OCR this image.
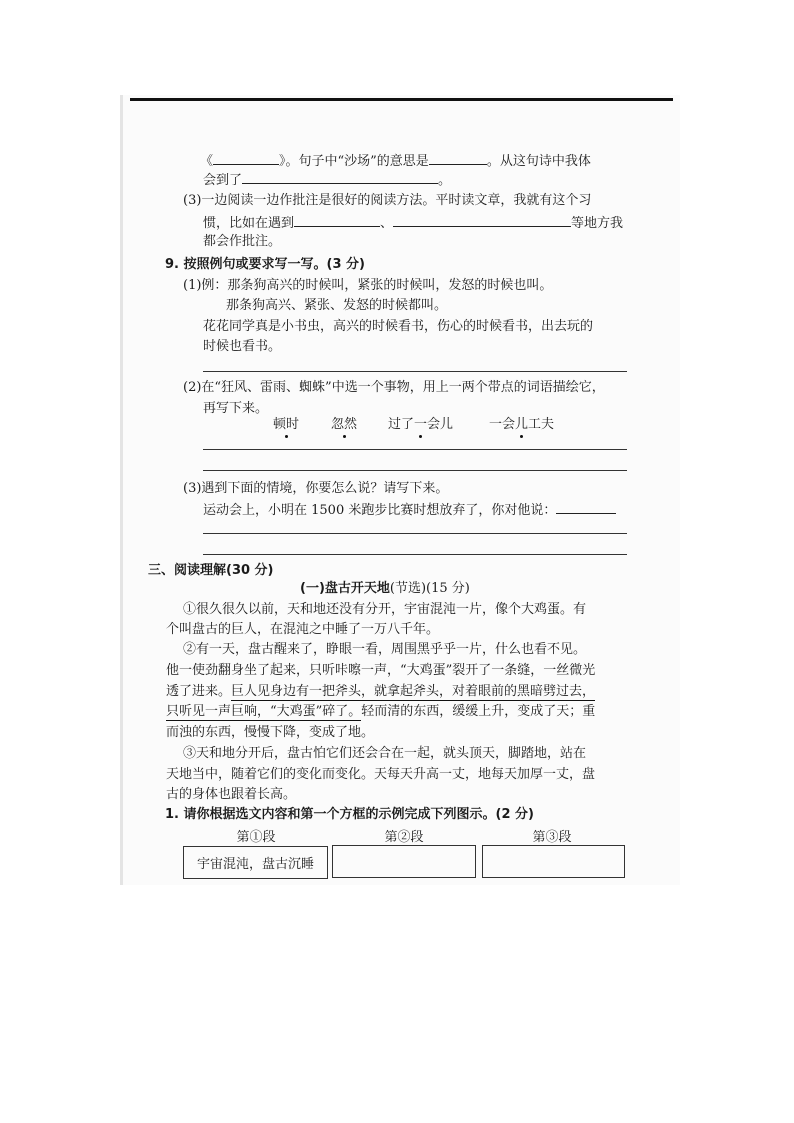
《	》。句子中“沙场”的意思是	。从这句诗中我体
会到了	。
(3)一边阅读一边作批注是很好的阅读方法。平时读文章，我就有这个习
惯，比如在遇到	、	等地方我
都会作批注。
9. 按照例句或要求写一写。(3 分)
(1)例：那条狗高兴的时候叫，紧张的时候叫，发怒的时候也叫。
那条狗高兴、紧张、发怒的时候都叫。
花花同学真是小书虫，高兴的时候看书，伤心的时候看书，出去玩的
时候也看书。
(2)在“狂风、雷雨、蜘蛛”中选一个事物，用上一两个带点的词语描绘它，
再写下来。
顿时 忽然 过了一会儿	一会儿工夫
(3)遇到下面的情境，你要怎么说？请写下来。
运动会上，小明在 1500 米跑步比赛时想放弃了，你对他说：
三、阅读理解(30 分)
(一)盘古开天地(节选)(15 分)
①很久很久以前，天和地还没有分开，宇宙混沌一片，像个大鸡蛋。有
个叫盘古的巨人，在混沌之中睡了一万八千年。
②有一天，盘古醒来了，睁眼一看，周围黑乎乎一片，什么也看不见。
他一使劲翻身坐了起来，只听咔嚓一声，“大鸡蛋”裂开了一条缝，一丝微光
透了进来。巨人见身边有一把斧头，就拿起斧头，对着眼前的黑暗劈过去，
只听见一声巨响，“大鸡蛋”碎了。轻而清的东西，缓缓上升，变成了天；重
而浊的东西，慢慢下降，变成了地。
③天和地分开后，盘古怕它们还会合在一起，就头顶天，脚踏地，站在
天地当中，随着它们的变化而变化。天每天升高一丈，地每天加厚一丈，盘
古的身体也跟着长高。
1. 请你根据选文内容和第一个方框的示例完成下列图示。(2 分)
第①段	第②段	第③段
宇宙混沌，盘古沉睡
